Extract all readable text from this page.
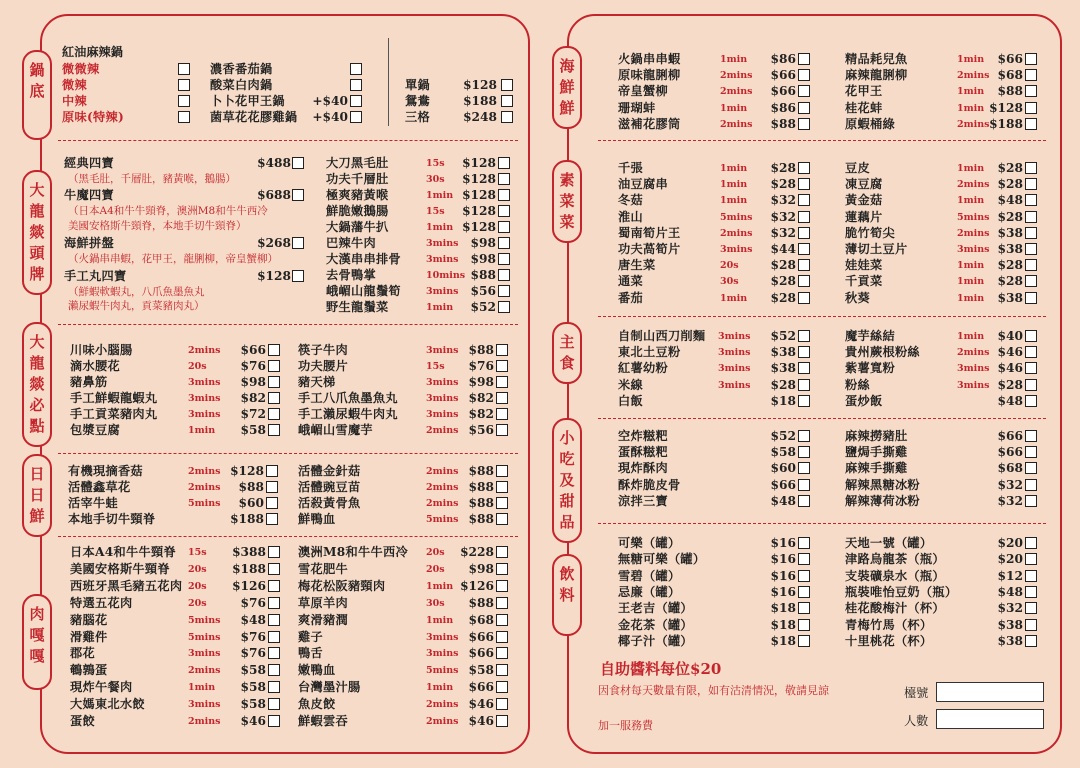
鍋底
大龍燚頭牌
大龍燚必點
日日鮮
肉嘎嘎
紅油麻辣鍋
微微辣
微辣
中辣
原味(特辣)
濃香番茄鍋
酸菜白肉鍋
卜卜花甲王鍋	+$40
菌草花花膠雞鍋	+$40
單鍋	$128
鴛鴦	$188
三格	$248
經典四寶	$488
牛魔四寶	$688
海鮮拼盤	$268
手工丸四寶	$128
（黑毛肚，千層肚，豬黃喉，鵝腸）
（日本A4和牛牛頸脊，澳洲M8和牛牛西冷
美國安格斯牛頸脊，本地手切牛頸脊）
（火鍋串串蝦，花甲王，龍脷柳，帝皇蟹柳）
（鮮蝦軟蝦丸，八爪魚墨魚丸
瀨尿蝦牛肉丸，貢菜豬肉丸）
大刀黑毛肚	15s	$128
功夫千層肚	30s	$128
極爽豬黃喉	1min $128
鮮脆嫩鵝腸	15s	$128
大鍋藩牛扒	1min $128
巴辣牛肉	3mins $98
大漢串串排骨	3mins $98
去骨鴨掌	10mins $88
峨嵋山龍鬚筍	3mins $56
野生龍鬚菜	1min	$52
川味小腦腸	2mins	$66
滴水腰花	20s	$76
豬鼻筋	3mins	$98
手工鮮蝦龍蝦丸	3mins	$82
手工貢菜豬肉丸	3mins	$72
包漿豆腐	1min	$58
筷子牛肉	3mins $88
功夫腰片	15s	$76
豬天梯	3mins $98
手工八爪魚墨魚丸	3mins $82
手工瀨尿蝦牛肉丸	3mins $82
峨嵋山雪魔芋	2mins $56
有機現摘香菇	2mins $128
活體鑫草花	2mins	$88
活宰牛蛙	5mins	$60
本地手切牛頸脊	$188
活體金針菇	2mins $88
活體豌豆苗	2mins $88
活殺黃骨魚	2mins $88
鮮鴨血	5mins $88
日本A4和牛牛頸脊 15s	$388
美國安格斯牛頸脊 20s	$188
西班牙黑毛豬五花肉 20s	$126
特選五花肉	20s	$76
豬腦花	5mins	$48
滑雞件	5mins	$76
郡花	3mins	$76
鵪鶉蛋	2mins	$58
現炸午餐肉	1min	$58
大媽東北水餃	3mins	$58
蛋餃	2mins	$46
澳洲M8和牛牛西冷 20s	$228
雪花肥牛	20s	$98
梅花松阪豬頸肉	1min $126
草原羊肉	30s	$88
爽滑豬潤	1min	$68
雞子	3mins $66
鴨舌	3mins $66
嫩鴨血	5mins $58
台灣墨汁腸	1min	$66
魚皮餃	2mins $46
鮮蝦雲吞	2mins $46
海鮮鮮
素菜菜
主食
小吃及甜品
飲料
火鍋串串蝦	1min	$86
原味龍脷柳	2mins	$66
帝皇蟹柳	2mins	$66
珊瑚蚌	1min	$86
滋補花膠筒	2mins	$88
精品耗兒魚	1min	$66
麻辣龍脷柳	2mins $68
花甲王	1min	$88
桂花蚌	1min $128
原蝦桶綠	2mins $188
千張	1min	$28
油豆腐串	1min	$28
冬菇	1min	$32
淮山	5mins	$32
蜀南筍片王	2mins	$32
功夫萵筍片	3mins	$44
唐生菜	20s	$28
通菜	30s	$28
番茄	1min	$28
豆皮	1min	$28
凍豆腐	2mins $28
黃金菇	1min	$48
蓮藕片	5mins $28
脆竹筍尖	2mins $38
薄切土豆片	3mins $38
娃娃菜	1min	$28
千貢菜	1min	$28
秋葵	1min	$38
自制山西刀削麵 3mins	$52
東北土豆粉	3mins	$38
紅薯幼粉	3mins	$38
米線	3mins	$28
白飯	$18
魔芋絲結	1min	$40
貴州蕨根粉絲	2mins $46
紫薯寬粉	3mins $46
粉絲	3mins $28
蛋炒飯	$48
空炸糍粑	$52
蛋酥糍粑	$58
現炸酥肉	$60
酥炸脆皮骨	$66
涼拌三寶	$48
麻辣撈豬肚	$66
鹽焗手撕雞	$66
麻辣手撕雞	$68
解辣黑糖冰粉	$32
解辣薄荷冰粉	$32
可樂（罐）	$16
無糖可樂（罐）	$16
雪碧（罐）	$16
忌廉（罐）	$16
王老吉（罐）	$18
金花茶（罐）	$18
椰子汁（罐）	$18
天地一號（罐）	$20
津路烏龍茶（瓶）	$20
支裝礦泉水（瓶）	$12
瓶裝唯怡豆奶（瓶）	$48
桂花酸梅汁（杯）	$32
青梅竹馬（杯）	$38
十里桃花（杯）	$38
自助醬料每位$20
因食材每天數量有限，如有沽清情況，敬請見諒
加一服務費
檯號
人數
